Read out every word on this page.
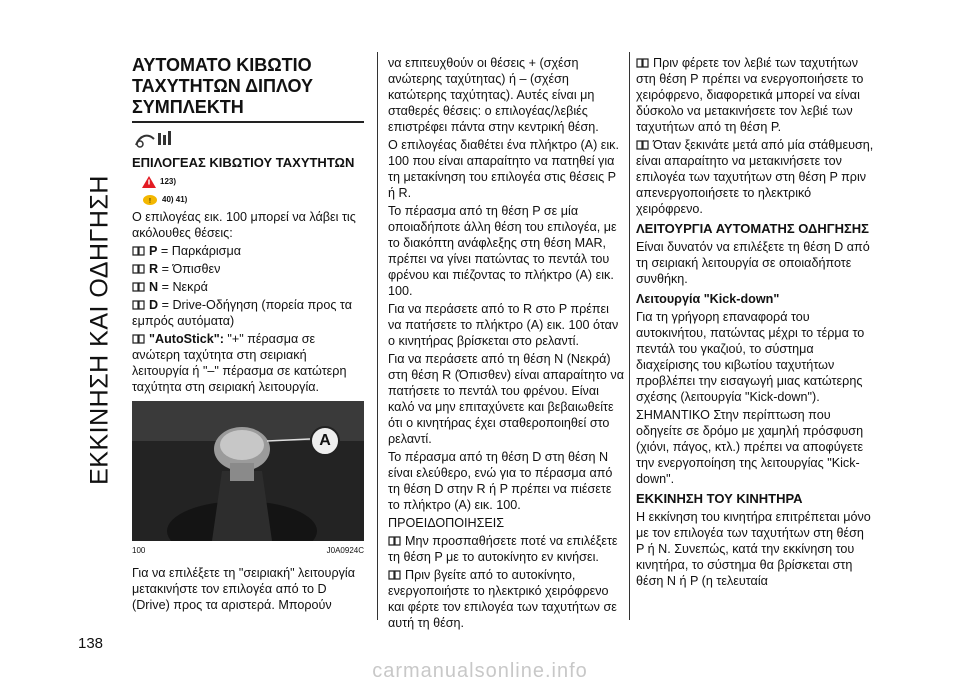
ΕΚΚΙΝΗΣΗ ΚΑΙ ΟΔΗΓΗΣΗ
138
carmanualsonline.info
ΑΥΤΟΜΑΤΟ ΚΙΒΩΤΙΟ ΤΑΧΥΤΗΤΩΝ ΔΙΠΛΟΥ ΣΥΜΠΛΕΚΤΗ
ΕΠΙΛΟΓΕΑΣ ΚΙΒΩΤΙΟΥ ΤΑΧΥΤΗΤΩΝ
123)
! 40) 41)

Ο επιλογέας εικ. 100 μπορεί να λάβει τις ακόλουθες θέσεις:

P = Παρκάρισμα

R = Όπισθεν

N = Νεκρά

D = Drive-Οδήγηση (πορεία προς τα εμπρός αυτόματα)

"AutoStick": "+" πέρασμα σε ανώτερη ταχύτητα στη σειριακή λειτουργία ή "–" πέρασμα σε κατώτερη ταχύτητα στη σειριακή λειτουργία.

A
100	J0A0924C

Για να επιλέξετε τη "σειριακή" λειτουργία μετακινήστε τον επιλογέα από το D (Drive) προς τα αριστερά. Μπορούν

να επιτευχθούν οι θέσεις + (σχέση ανώτερης ταχύτητας) ή – (σχέση κατώτερης ταχύτητας). Αυτές είναι μη σταθερές θέσεις: ο επιλογέας/λεβιές επιστρέφει πάντα στην κεντρική θέση.

Ο επιλογέας διαθέτει ένα πλήκτρο (A) εικ. 100 που είναι απαραίτητο να πατηθεί για τη μετακίνηση του επιλογέα στις θέσεις P ή R.

Το πέρασμα από τη θέση P σε μία οποιαδήποτε άλλη θέση του επιλογέα, με το διακόπτη ανάφλεξης στη θέση MAR, πρέπει να γίνει πατώντας το πεντάλ του φρένου και πιέζοντας το πλήκτρο (A) εικ. 100.

Για να περάσετε από το R στο P πρέπει να πατήσετε το πλήκτρο (A) εικ. 100 όταν ο κινητήρας βρίσκεται στο ρελαντί.

Για να περάσετε από τη θέση N (Νεκρά) στη θέση R (Όπισθεν) είναι απαραίτητο να πατήσετε το πεντάλ του φρένου. Είναι καλό να μην επιταχύνετε και βεβαιωθείτε ότι ο κινητήρας έχει σταθεροποιηθεί στο ρελαντί.

Το πέρασμα από τη θέση D στη θέση N είναι ελεύθερο, ενώ για το πέρασμα από τη θέση D στην R ή P πρέπει να πιέσετε το πλήκτρο (A) εικ. 100.

ΠΡΟΕΙΔΟΠΟΙΗΣΕΙΣ

Μην προσπαθήσετε ποτέ να επιλέξετε τη θέση P με το αυτοκίνητο εν κινήσει.

Πριν βγείτε από το αυτοκίνητο, ενεργοποιήστε το ηλεκτρικό χειρόφρενο και φέρτε τον επιλογέα των ταχυτήτων σε αυτή τη θέση.

Πριν φέρετε τον λεβιέ των ταχυτήτων στη θέση P πρέπει να ενεργοποιήσετε το χειρόφρενο, διαφορετικά μπορεί να είναι δύσκολο να μετακινήσετε τον λεβιέ των ταχυτήτων από τη θέση P.

Όταν ξεκινάτε μετά από μία στάθμευση, είναι απαραίτητο να μετακινήσετε τον επιλογέα των ταχυτήτων στη θέση P πριν απενεργοποιήσετε το ηλεκτρικό χειρόφρενο.

ΛΕΙΤΟΥΡΓΙΑ ΑΥΤΟΜΑΤΗΣ ΟΔΗΓΗΣΗΣ

Είναι δυνατόν να επιλέξετε τη θέση D από τη σειριακή λειτουργία σε οποιαδήποτε συνθήκη.

Λειτουργία "Kick-down"

Για τη γρήγορη επαναφορά του αυτοκινήτου, πατώντας μέχρι το τέρμα το πεντάλ του γκαζιού, το σύστημα διαχείρισης του κιβωτίου ταχυτήτων προβλέπει την εισαγωγή μιας κατώτερης σχέσης (λειτουργία "Kick-down").

ΣΗΜΑΝΤΙΚΟ Στην περίπτωση που οδηγείτε σε δρόμο με χαμηλή πρόσφυση (χιόνι, πάγος, κτλ.) πρέπει να αποφύγετε την ενεργοποίηση της λειτουργίας "Kick-down".

ΕΚΚΙΝΗΣΗ ΤΟΥ ΚΙΝΗΤΗΡΑ

Η εκκίνηση του κινητήρα επιτρέπεται μόνο με τον επιλογέα των ταχυτήτων στη θέση P ή N. Συνεπώς, κατά την εκκίνηση του κινητήρα, το σύστημα θα βρίσκεται στη θέση N ή P (η τελευταία
